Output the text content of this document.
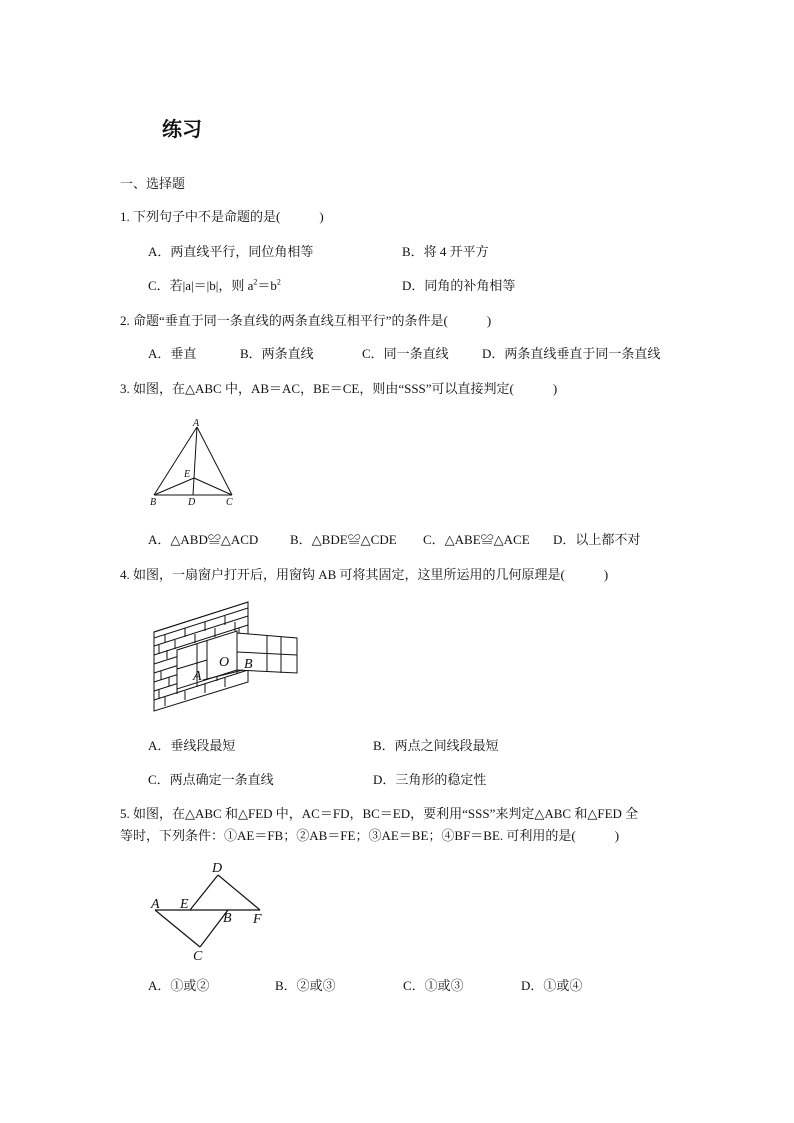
练习
一、选择题
1. 下列句子中不是命题的是(　　　)
A．两直线平行，同位角相等	B．将 4 开平方
C．若|a|＝|b|，则 $a^2=b^2$	D．同角的补角相等
2. 命题“垂直于同一条直线的两条直线互相平行”的条件是(　　　)
A．垂直	B．两条直线	C．同一条直线	D．两条直线垂直于同一条直线
3. 如图，在△ABC 中，AB＝AC，BE＝CE，则由“SSS”可以直接判定(　　　)
A
E
B	D	C
A．△ABD≌△ACD B．△BDE≌△CDE C．△ABE≌△ACE D．以上都不对
4. 如图，一扇窗户打开后，用窗钩 AB 可将其固定，这里所运用的几何原理是(　　　)
A
O B
A．垂线段最短	B．两点之间线段最短
C．两点确定一条直线	D．三角形的稳定性
5. 如图，在△ABC 和△FED 中，AC＝FD，BC＝ED，要利用“SSS”来判定△ABC 和△FED 全
等时，下列条件：①AE＝FB；②AB＝FE；③AE＝BE；④BF＝BE. 可利用的是(　　　)
D
A E
B F
C
A．①或②	B．②或③	C．①或③	D．①或④
